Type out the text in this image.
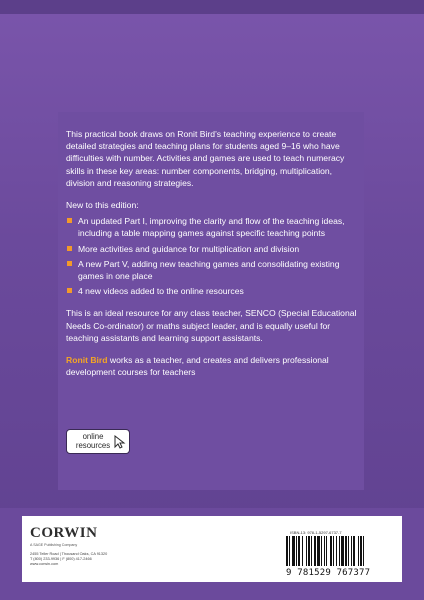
This practical book draws on Ronit Bird’s teaching experience to create detailed strategies and teaching plans for students aged 9–16 who have difficulties with number. Activities and games are used to teach numeracy skills in these key areas: number components, bridging, multiplication, division and reasoning strategies.

New to this edition:

An updated Part I, improving the clarity and flow of the teaching ideas, including a table mapping games against specific teaching points
More activities and guidance for multiplication and division
A new Part V, adding new teaching games and consolidating existing games in one place
4 new videos added to the online resources

This is an ideal resource for any class teacher, SENCO (Special Educational Needs Co-ordinator) or maths subject leader, and is equally useful for teaching assistants and learning support assistants.

Ronit Bird works as a teacher, and creates and delivers professional development courses for teachers

online
resources
CORWIN
A SAGE Publishing Company
2455 Teller Road | Thousand Oaks, CA 91320
T (800) 233-9936 | F (800) 417-2466
www.corwin.com
ISBN-13: 978-1-5297-6737-7
9 781529 767377
